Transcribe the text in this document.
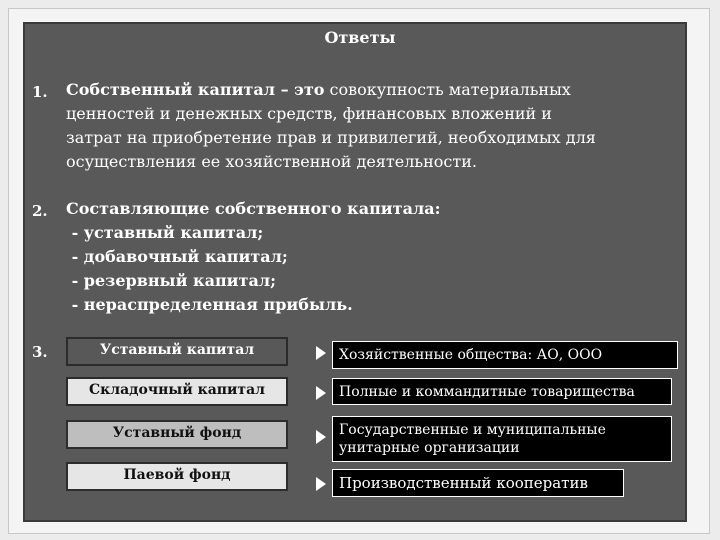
Ответы
1. Собственный капитал – это совокупность материальных
ценностей и денежных средств, финансовых вложений и
затрат на приобретение прав и привилегий, необходимых для
осуществления ее хозяйственной деятельности.
2. Составляющие собственного капитала:
- уставный капитал;
- добавочный капитал;
- резервный капитал;
- нераспределенная прибыль.
3.	Уставный капитал
Складочный капитал
Уставный фонд
Паевой фонд
Хозяйственные общества: АО, ООО
Полные и коммандитные товарищества
Государственные и муниципальные
унитарные организации
Производственный кооператив
